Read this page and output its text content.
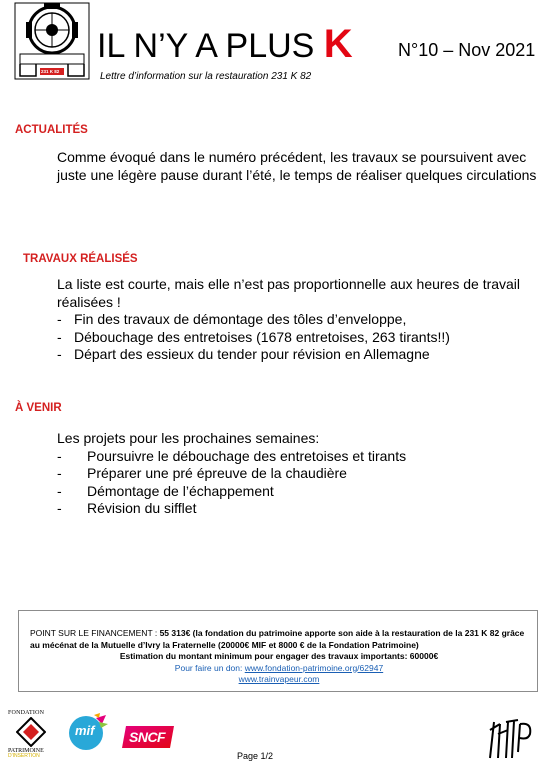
231 K 82
IL N’Y A PLUS K	N°10 – Nov 2021
Lettre d’information sur la restauration 231 K 82
ACTUALITÉS
Comme évoqué dans le numéro précédent, les travaux se poursuivent avec juste une légère pause durant l’été, le temps de réaliser quelques circulations
TRAVAUX RÉALISÉS
La liste est courte, mais elle n’est pas proportionnelle aux heures de travail réalisées !
- Fin des travaux de démontage des tôles d’enveloppe,
- Débouchage des entretoises (1678 entretoises, 263 tirants!!)
- Départ des essieux du tender pour révision en Allemagne
À VENIR
Les projets pour les prochaines semaines:
- Poursuivre le débouchage des entretoises et tirants
- Préparer une pré épreuve de la chaudière
- Démontage de l’échappement
- Révision du sifflet
POINT SUR LE FINANCEMENT : 55 313€ (la fondation du patrimoine apporte son aide à la restauration de la 231 K 82 grâce au mécénat de la Mutuelle d’Ivry la Fraternelle (20000€ MIF et 8000 € de la Fondation Patrimoine)
Estimation du montant minimum pour engager des travaux importants: 60000€
Pour faire un don: www.fondation-patrimoine.org/62947
www.trainvapeur.com
FONDATION
PATRIMOINE
D'INSERTION
mif SNCF
Page 1/2
